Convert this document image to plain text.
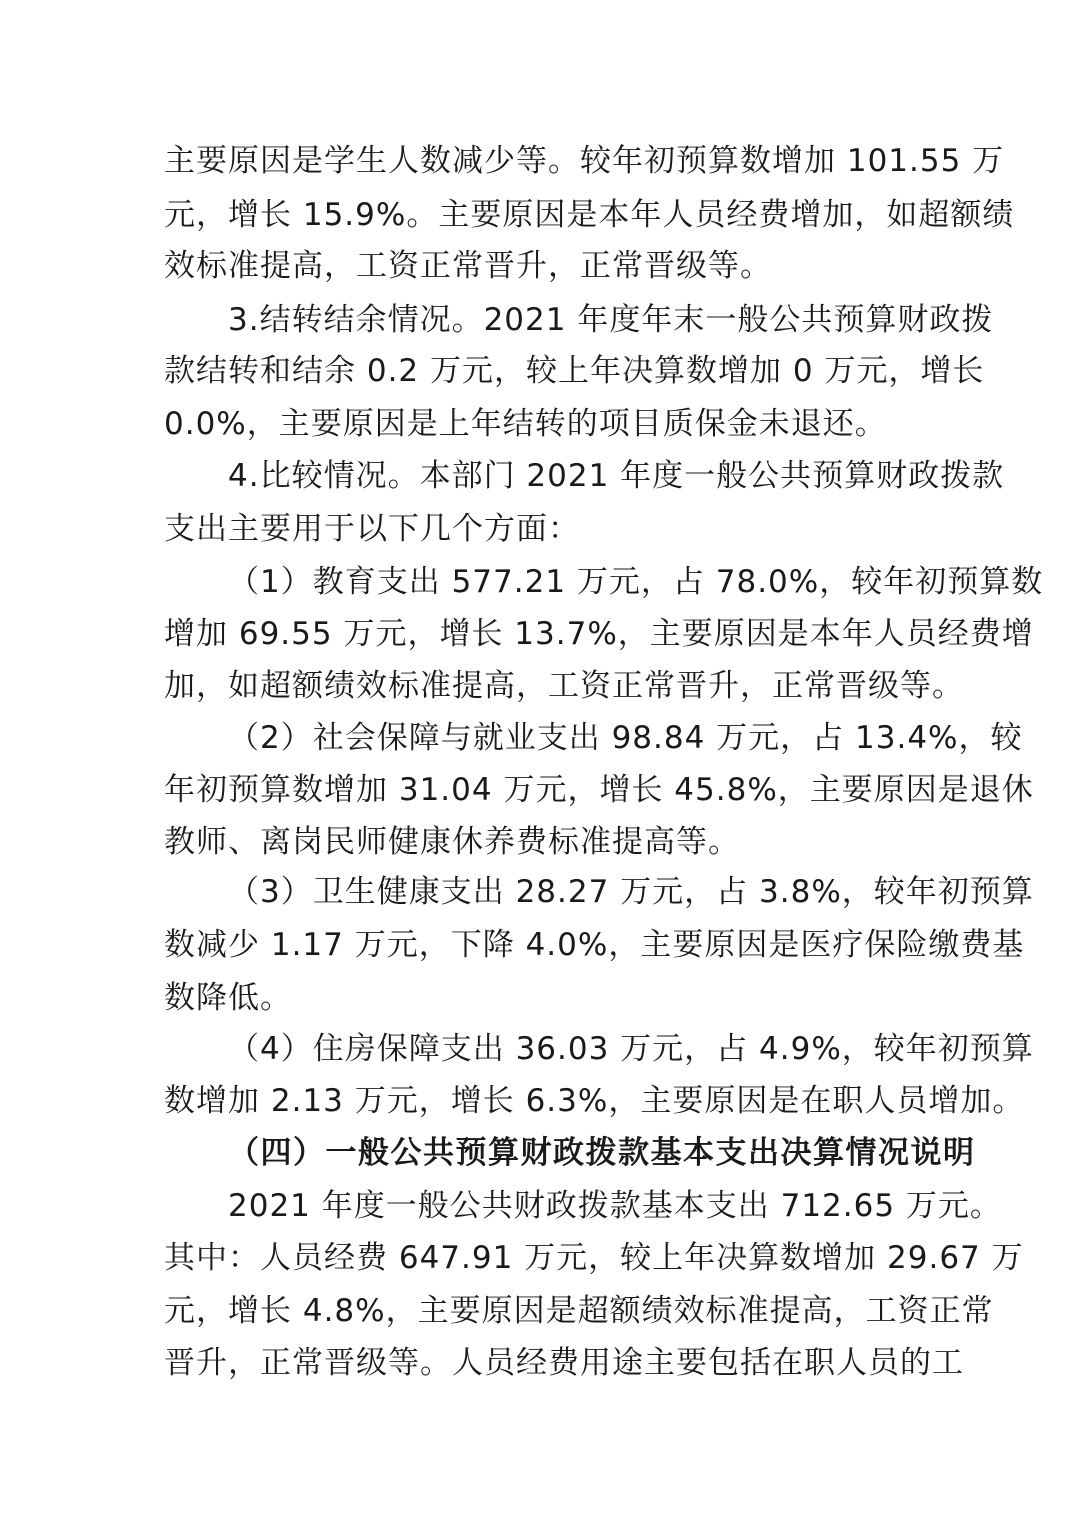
主要原因是学生人数减少等。较年初预算数增加 101.55 万
元，增长 15.9%。主要原因是本年人员经费增加，如超额绩
效标准提高，工资正常晋升，正常晋级等。
3.结转结余情况。2021 年度年末一般公共预算财政拨
款结转和结余 0.2 万元，较上年决算数增加 0 万元，增长
0.0%，主要原因是上年结转的项目质保金未退还。
4.比较情况。本部门 2021 年度一般公共预算财政拨款
支出主要用于以下几个方面：
（1）教育支出 577.21 万元，占 78.0%，较年初预算数
增加 69.55 万元，增长 13.7%，主要原因是本年人员经费增
加，如超额绩效标准提高，工资正常晋升，正常晋级等。
（2）社会保障与就业支出 98.84 万元，占 13.4%，较
年初预算数增加 31.04 万元，增长 45.8%，主要原因是退休
教师、离岗民师健康休养费标准提高等。
（3）卫生健康支出 28.27 万元，占 3.8%，较年初预算
数减少 1.17 万元，下降 4.0%，主要原因是医疗保险缴费基
数降低。
（4）住房保障支出 36.03 万元，占 4.9%，较年初预算
数增加 2.13 万元，增长 6.3%，主要原因是在职人员增加。
（四）一般公共预算财政拨款基本支出决算情况说明
2021 年度一般公共财政拨款基本支出 712.65 万元。
其中：人员经费 647.91 万元，较上年决算数增加 29.67 万
元，增长 4.8%，主要原因是超额绩效标准提高，工资正常
晋升，正常晋级等。人员经费用途主要包括在职人员的工
